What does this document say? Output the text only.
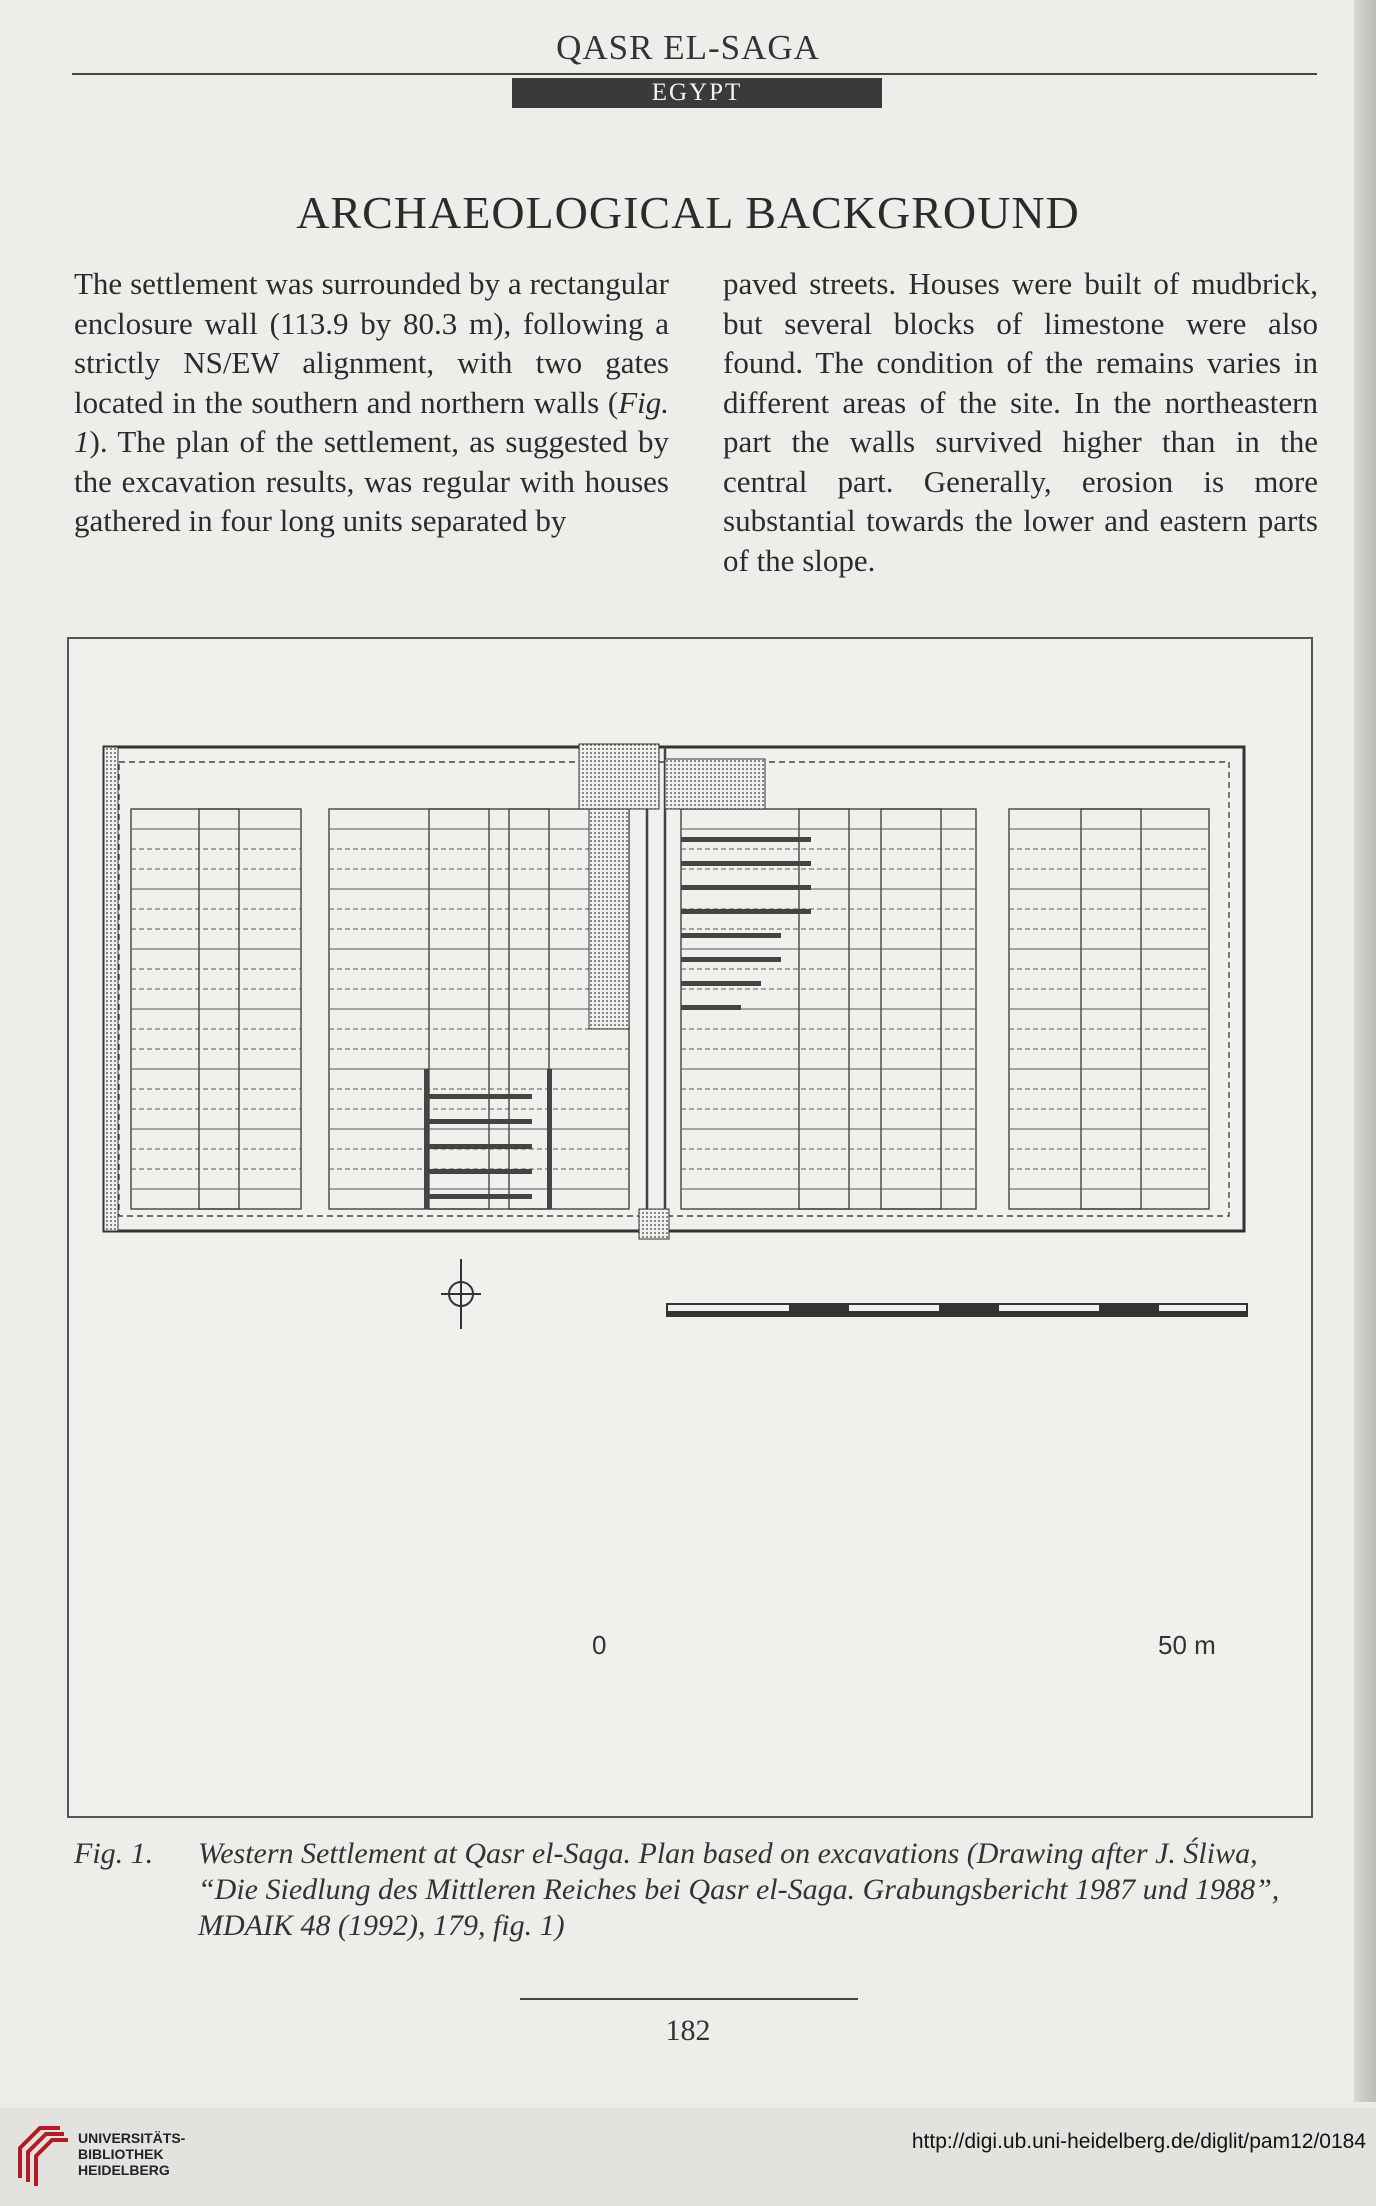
QASR EL-SAGA
EGYPT
ARCHAEOLOGICAL BACKGROUND
The settlement was surrounded by a rectangular enclosure wall (113.9 by 80.3 m), following a strictly NS/EW alignment, with two gates located in the southern and northern walls (Fig. 1). The plan of the settlement, as suggested by the excavation results, was regular with houses gathered in four long units separated by
paved streets. Houses were built of mudbrick, but several blocks of limestone were also found. The condition of the remains varies in different areas of the site. In the northeastern part the walls survived higher than in the central part. Generally, erosion is more substantial towards the lower and eastern parts of the slope.
0	50 m
Fig. 1.	Western Settlement at Qasr el-Saga. Plan based on excavations (Drawing after J. Śliwa, “Die Siedlung des Mittleren Reiches bei Qasr el-Saga. Grabungsbericht 1987 und 1988”, MDAIK 48 (1992), 179, fig. 1)
182
UNIVERSITÄTS-
BIBLIOTHEK
HEIDELBERG
http://digi.ub.uni-heidelberg.de/diglit/pam12/0184
